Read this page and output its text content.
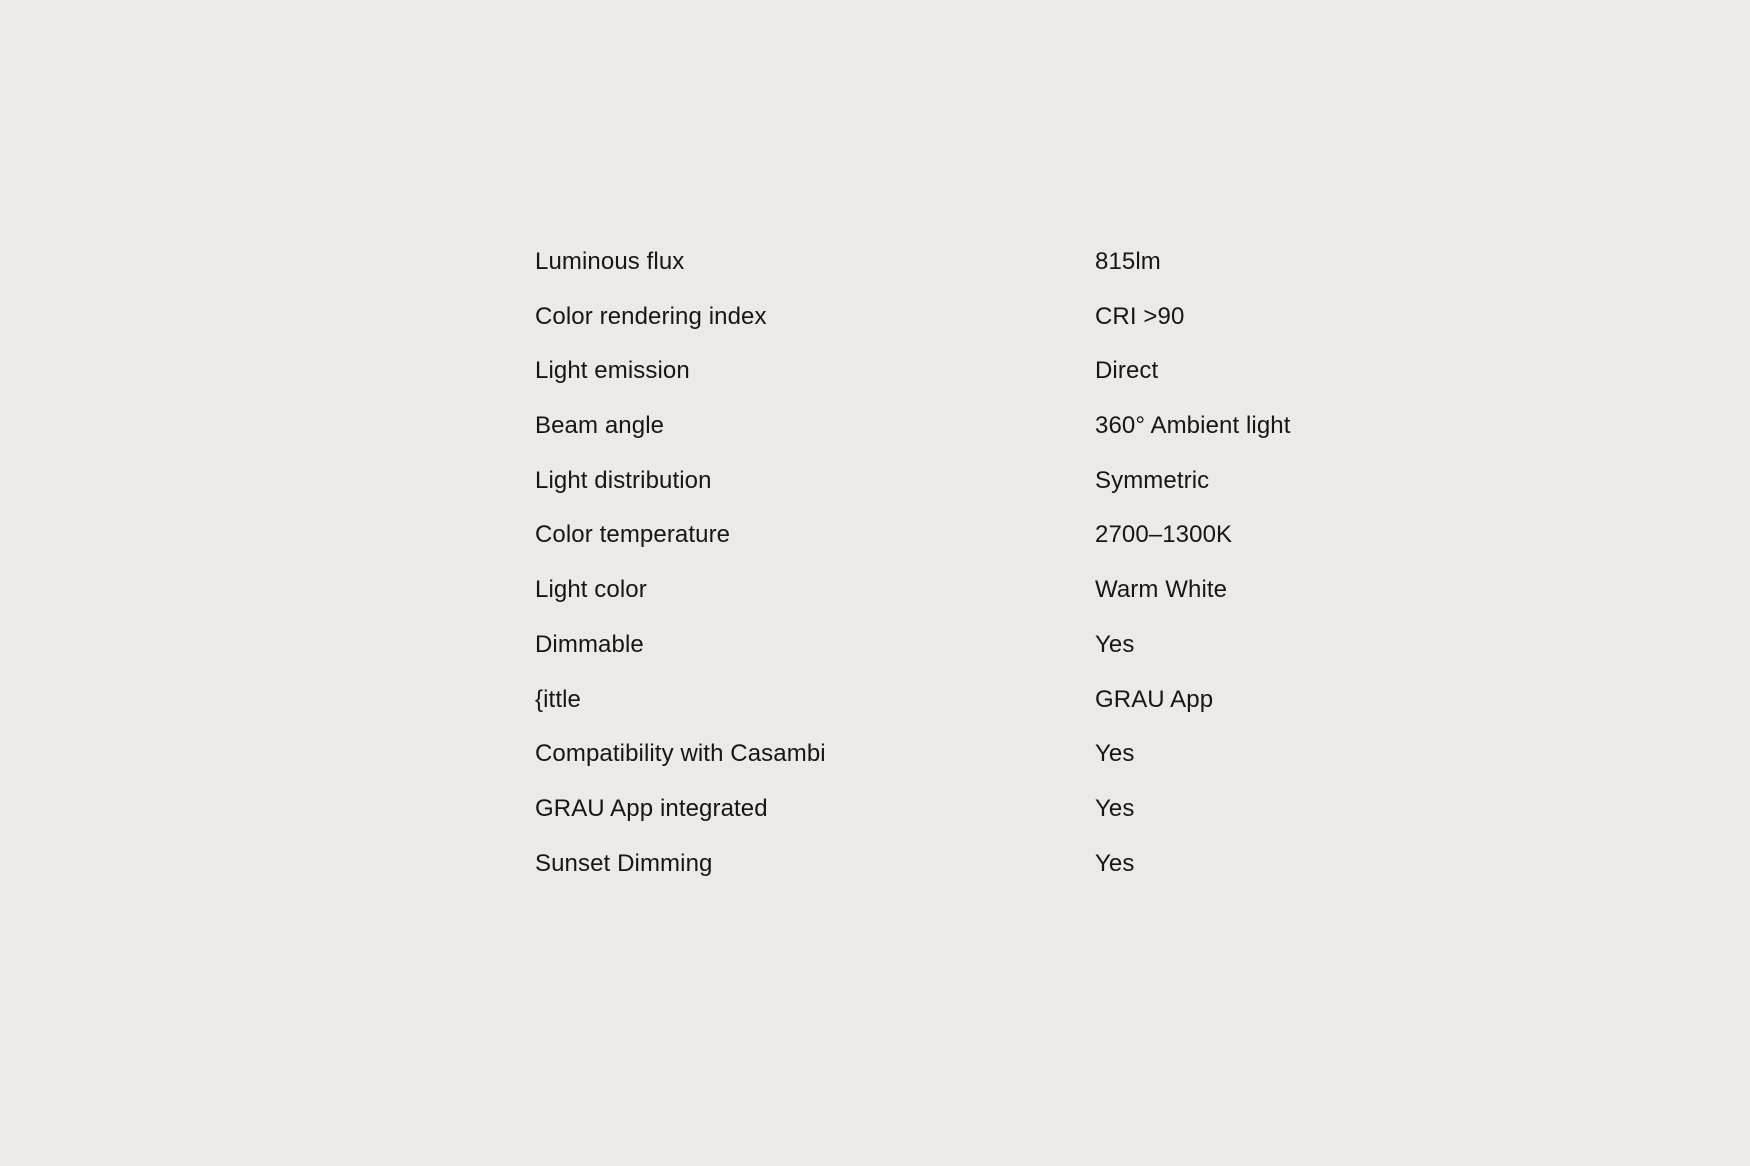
Luminous flux	815lm
Color rendering index	CRI >90
Light emission	Direct
Beam angle	360° Ambient light
Light distribution	Symmetric
Color temperature	2700–1300K
Light color	Warm White
Dimmable	Yes
{ittle	GRAU App
Compatibility with Casambi	Yes
GRAU App integrated	Yes
Sunset Dimming	Yes
